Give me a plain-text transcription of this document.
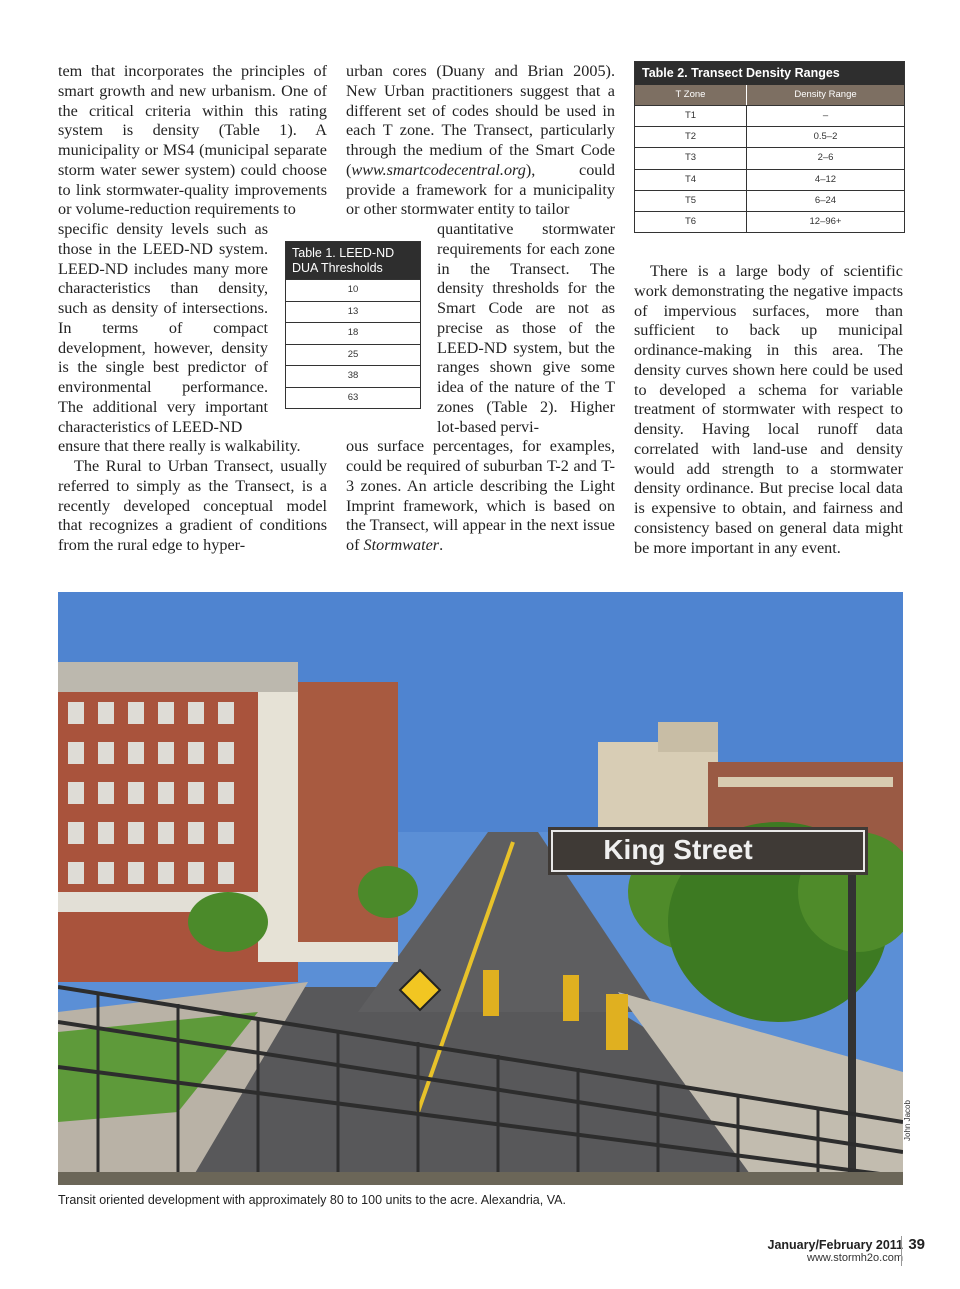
tem that incorporates the principles of smart growth and new urbanism. One of the critical criteria within this rating system is density (Table 1). A municipality or MS4 (municipal separate storm water sewer system) could choose to link stormwater-quality improvements or volume-reduction requirements to

specific density levels such as those in the LEED-ND system. LEED-ND includes many more characteristics than density, such as density of intersections. In terms of compact development, however, density is the single best predictor of environmental performance. The additional very important characteristics of LEED-ND

ensure that there really is walkability.

The Rural to Urban Transect, usually referred to simply as the Transect, is a recently developed conceptual model that recognizes a gradient of conditions from the rural edge to hyper-

urban cores (Duany and Brian 2005). New Urban practitioners suggest that a different set of codes should be used in each T zone. The Transect, particularly through the medium of the Smart Code (www.smartcodecentral.org), could provide a framework for a municipality or other stormwater entity to tailor

quantitative stormwater requirements for each zone in the Transect. The density thresholds for the Smart Code are not as precise as those of the LEED-ND system, but the ranges shown give some idea of the nature of the T zones (Table 2). Higher lot-based pervi-

ous surface percentages, for examples, could be required of suburban T-2 and T-3 zones. An article describing the Light Imprint framework, which is based on the Transect, will appear in the next issue of Stormwater.

There is a large body of scientific work demonstrating the negative impacts of impervious surfaces, more than sufficient to back up municipal ordinance-making in this area. The density curves shown here could be used to developed a schema for variable treatment of stormwater with respect to density. Having local runoff data correlated with land-use and density would add strength to a stormwater density ordinance. But precise local data is expensive to obtain, and fairness and consistency based on general data might be more important in any event.

Table 1. LEED-ND DUA Thresholds
10
13
18
25
38
63
Table 2. Transect Density Ranges
T Zone	Density Range
T1	–
T2	0.5–2
T3	2–6
T4	4–12
T5	6–24
T6	12–96+
King Street
John Jacob
Transit oriented development with approximately 80 to 100 units to the acre. Alexandria, VA.
January/February 2011
www.stormh2o.com
39
